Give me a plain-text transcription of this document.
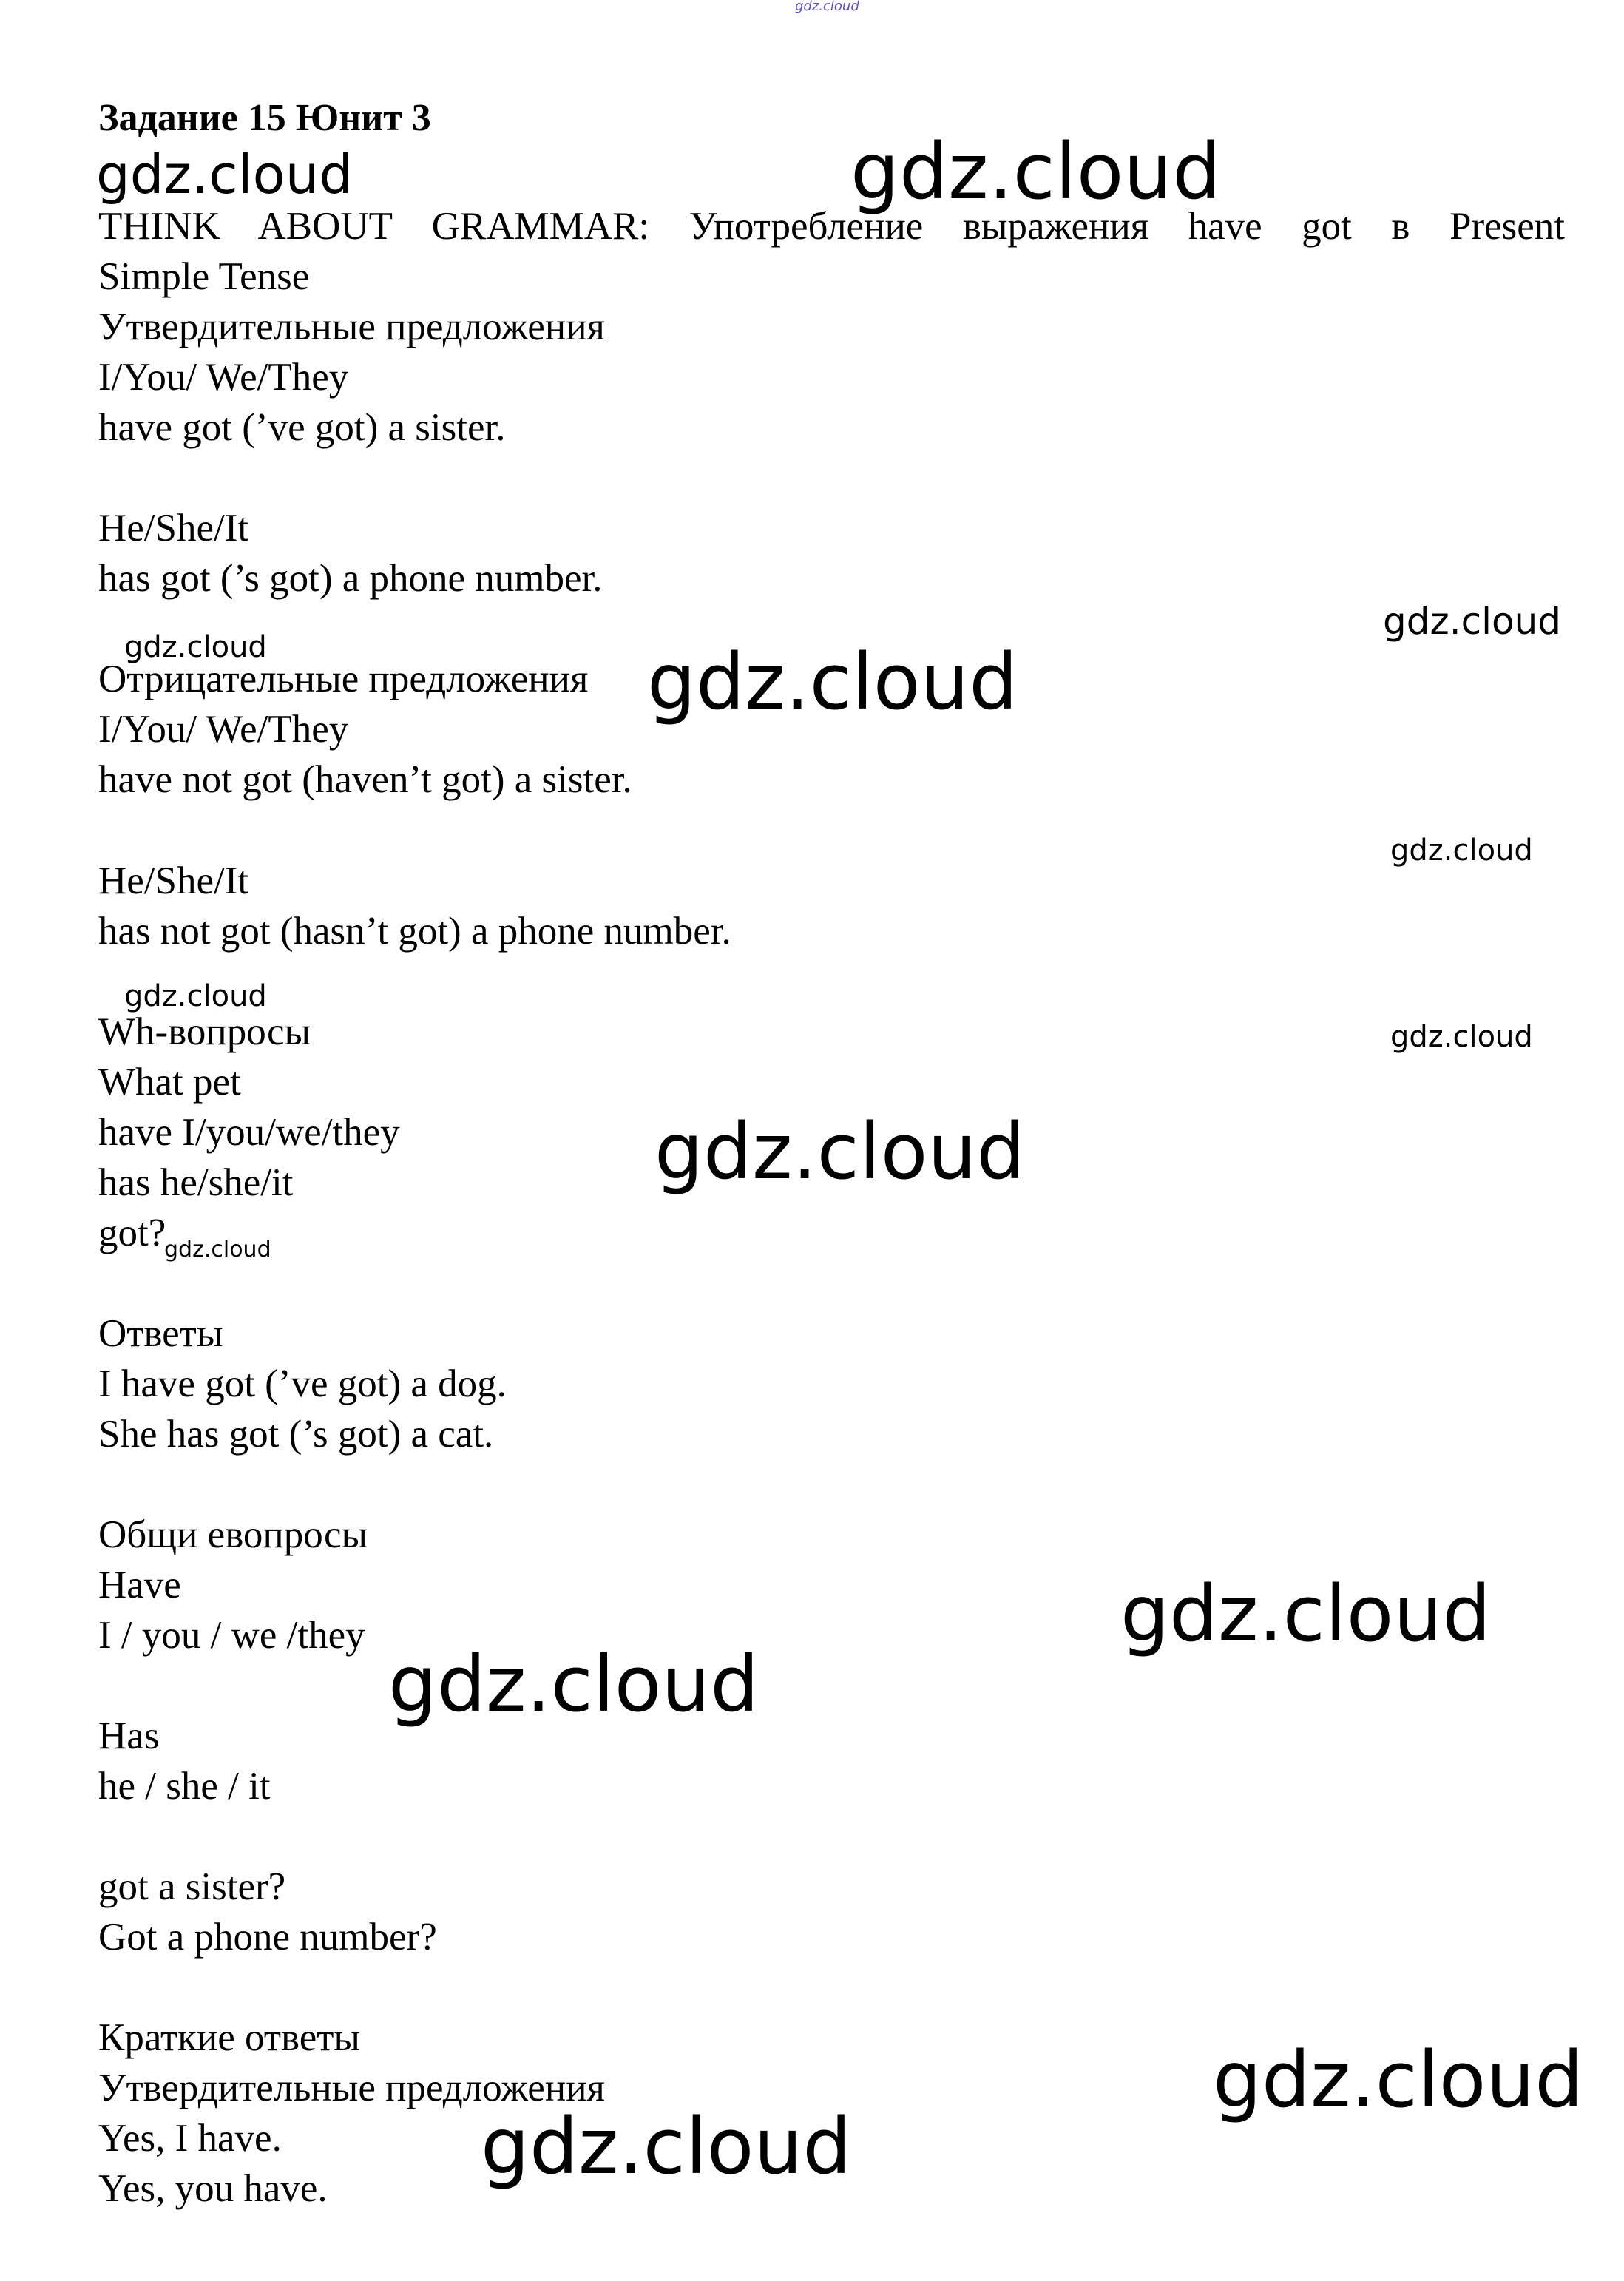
gdz.cloud
gdz.cloud	gdz.cloud
gdz.cloud
gdz.cloud	gdz.cloud
gdz.cloud
gdz.cloud
gdz.cloud
gdz.cloud
gdz.cloud
gdz.cloud
gdz.cloud
gdz.cloud
gdz.cloud

Задание 15 Юнит 3

THINK ABOUT GRAMMAR: Употребление выражения have got в Present

Simple Tense

Утвердительные предложения

I/You/ We/They

have got (’ve got) a sister.

He/She/It

has got (’s got) a phone number.

Отрицательные предложения

I/You/ We/They

have not got (haven’t got) a sister.

He/She/It

has not got (hasn’t got) a phone number.

Wh-вопросы

What pet

have I/you/we/they

has he/she/it

got?

Ответы

I have got (’ve got) a dog.

She has got (’s got) a cat.

Общи евопросы

Have

I / you / we /they

Has

he / she / it

got a sister?

Got a phone number?

Краткие ответы

Утвердительные предложения

Yes, I have.

Yes, you have.
